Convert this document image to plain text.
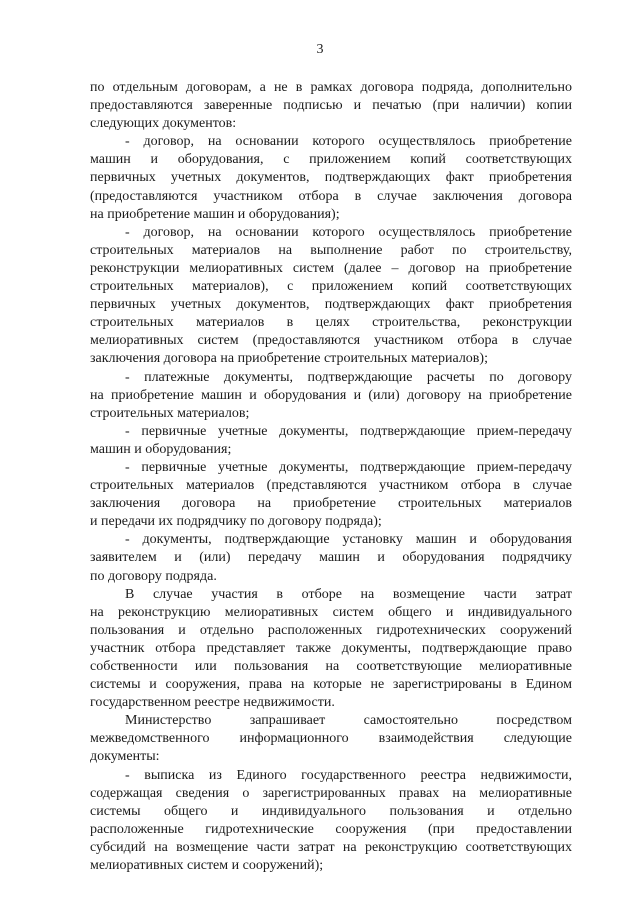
3
по отдельным договорам, а не в рамках договора подряда, дополнительно
предоставляются заверенные подписью и печатью (при наличии) копии
следующих документов:
- договор, на основании которого осуществлялось приобретение
машин и оборудования, с приложением копий соответствующих
первичных учетных документов, подтверждающих факт приобретения
(предоставляются участником отбора в случае заключения договора
на приобретение машин и оборудования);
- договор, на основании которого осуществлялось приобретение
строительных материалов на выполнение работ по строительству,
реконструкции мелиоративных систем (далее – договор на приобретение
строительных материалов), с приложением копий соответствующих
первичных учетных документов, подтверждающих факт приобретения
строительных материалов в целях строительства, реконструкции
мелиоративных систем (предоставляются участником отбора в случае
заключения договора на приобретение строительных материалов);
- платежные документы, подтверждающие расчеты по договору
на приобретение машин и оборудования и (или) договору на приобретение
строительных материалов;
- первичные учетные документы, подтверждающие прием-передачу
машин и оборудования;
- первичные учетные документы, подтверждающие прием-передачу
строительных материалов (представляются участником отбора в случае
заключения договора на приобретение строительных материалов
и передачи их подрядчику по договору подряда);
- документы, подтверждающие установку машин и оборудования
заявителем и (или) передачу машин и оборудования подрядчику
по договору подряда.
В случае участия в отборе на возмещение части затрат
на реконструкцию мелиоративных систем общего и индивидуального
пользования и отдельно расположенных гидротехнических сооружений
участник отбора представляет также документы, подтверждающие право
собственности или пользования на соответствующие мелиоративные
системы и сооружения, права на которые не зарегистрированы в Едином
государственном реестре недвижимости.
Министерство запрашивает самостоятельно посредством
межведомственного информационного взаимодействия следующие
документы:
- выписка из Единого государственного реестра недвижимости,
содержащая сведения о зарегистрированных правах на мелиоративные
системы общего и индивидуального пользования и отдельно
расположенные гидротехнические сооружения (при предоставлении
субсидий на возмещение части затрат на реконструкцию соответствующих
мелиоративных систем и сооружений);
